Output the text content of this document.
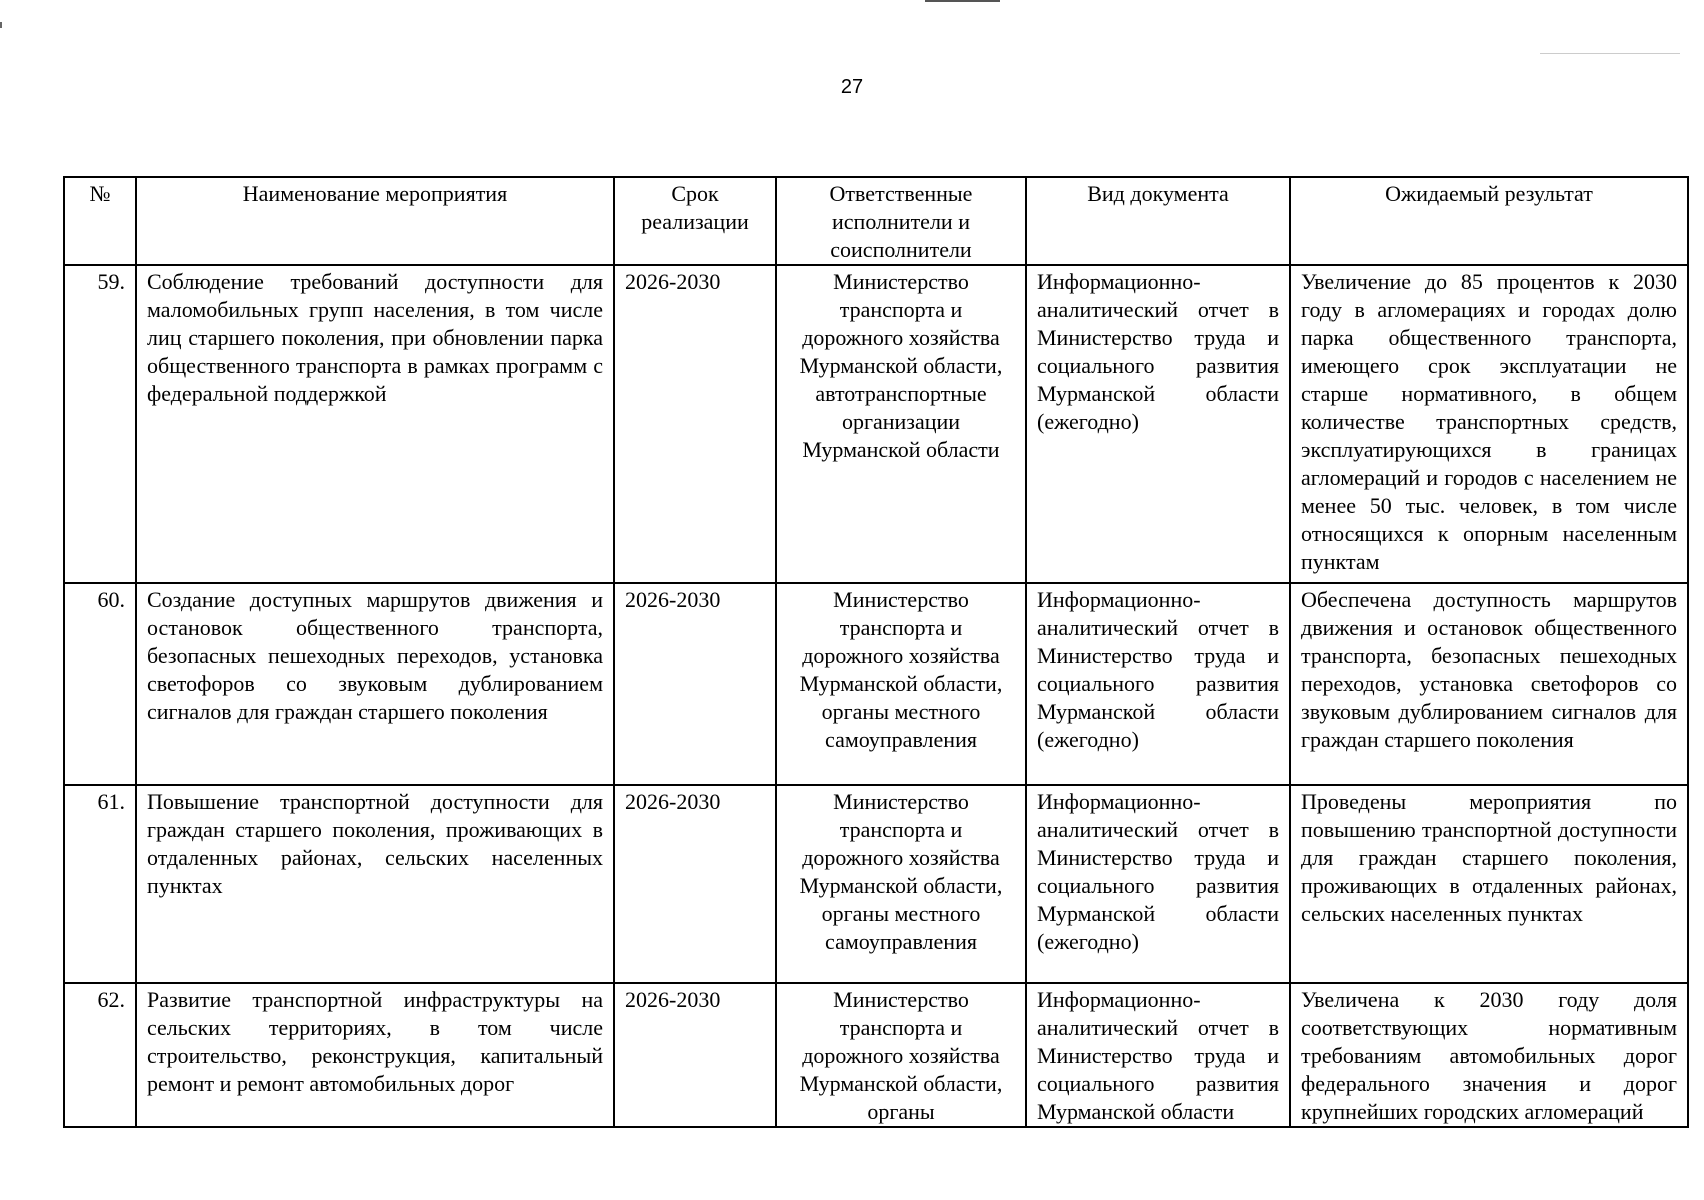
27
№	Наименование мероприятия	Срок реализации	Ответственные исполнители и соисполнители	Вид документа	Ожидаемый результат
59.	Соблюдение требований доступности для маломобильных групп населения, в том числе лиц старшего поколения, при обновлении парка общественного транспорта в рамках программ с федеральной поддержкой	2026-2030	Министерство транспорта и дорожного хозяйства Мурманской области, автотранспортные организации Мурманской области	Информационно-аналитический отчет в Министерство труда и социального развития Мурманской области (ежегодно)	Увеличение до 85 процентов к 2030 году в агломерациях и городах долю парка общественного транспорта, имеющего срок эксплуатации не старше нормативного, в общем количестве транспортных средств, эксплуатирующихся в границах агломераций и городов с населением не менее 50 тыс. человек, в том числе относящихся к опорным населенным пунктам
60.	Создание доступных маршрутов движения и остановок общественного транспорта, безопасных пешеходных переходов, установка светофоров со звуковым дублированием сигналов для граждан старшего поколения	2026-2030	Министерство транспорта и дорожного хозяйства Мурманской области, органы местного самоуправления	Информационно-аналитический отчет в Министерство труда и социального развития Мурманской области (ежегодно)	Обеспечена доступность маршрутов движения и остановок общественного транспорта, безопасных пешеходных переходов, установка светофоров со звуковым дублированием сигналов для граждан старшего поколения
61.	Повышение транспортной доступности для граждан старшего поколения, проживающих в отдаленных районах, сельских населенных пунктах	2026-2030	Министерство транспорта и дорожного хозяйства Мурманской области, органы местного самоуправления	Информационно-аналитический отчет в Министерство труда и социального развития Мурманской области (ежегодно)	Проведены мероприятия по повышению транспортной доступности для граждан старшего поколения, проживающих в отдаленных районах, сельских населенных пунктах
62.	Развитие транспортной инфраструктуры на сельских территориях, в том числе строительство, реконструкция, капитальный ремонт и ремонт автомобильных дорог	2026-2030	Министерство транспорта и дорожного хозяйства Мурманской области, органы	Информационно-аналитический отчет в Министерство труда и социального развития Мурманской области	Увеличена к 2030 году доля соответствующих нормативным требованиям автомобильных дорог федерального значения и дорог крупнейших городских агломераций
